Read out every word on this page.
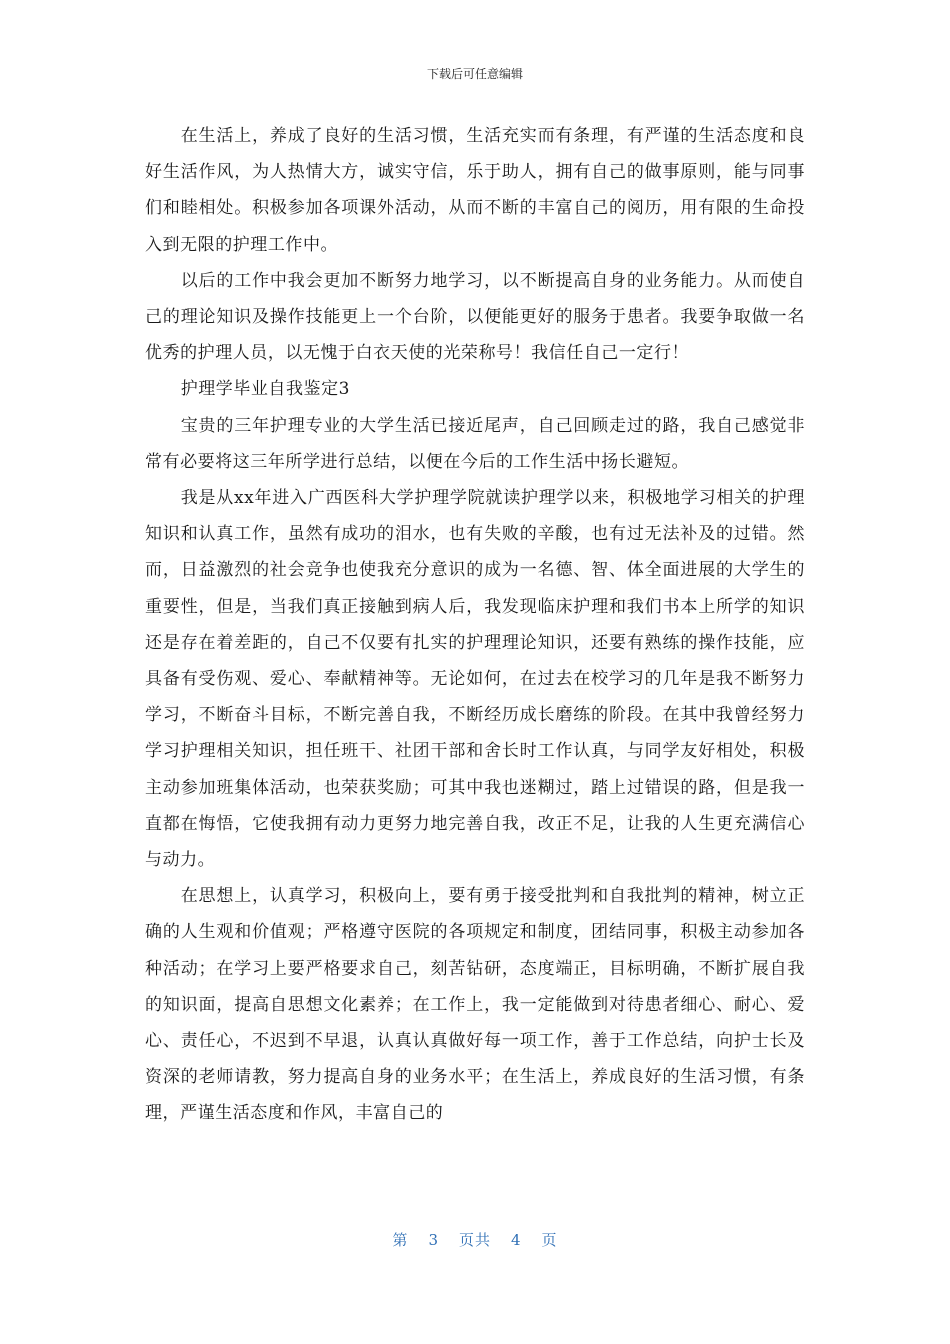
下载后可任意编辑

在生活上，养成了良好的生活习惯，生活充实而有条理，有严谨的生活态度和良好生活作风，为人热情大方，诚实守信，乐于助人，拥有自己的做事原则，能与同事们和睦相处。积极参加各项课外活动，从而不断的丰富自己的阅历，用有限的生命投入到无限的护理工作中。

以后的工作中我会更加不断努力地学习，以不断提高自身的业务能力。从而使自己的理论知识及操作技能更上一个台阶，以便能更好的服务于患者。我要争取做一名优秀的护理人员，以无愧于白衣天使的光荣称号！我信任自己一定行！

护理学毕业自我鉴定3

宝贵的三年护理专业的大学生活已接近尾声，自己回顾走过的路，我自己感觉非常有必要将这三年所学进行总结，以便在今后的工作生活中扬长避短。

我是从xx年进入广西医科大学护理学院就读护理学以来，积极地学习相关的护理知识和认真工作，虽然有成功的泪水，也有失败的辛酸，也有过无法补及的过错。然而，日益激烈的社会竞争也使我充分意识的成为一名德、智、体全面进展的大学生的重要性，但是，当我们真正接触到病人后，我发现临床护理和我们书本上所学的知识还是存在着差距的，自己不仅要有扎实的护理理论知识，还要有熟练的操作技能，应具备有受伤观、爱心、奉献精神等。无论如何，在过去在校学习的几年是我不断努力学习，不断奋斗目标，不断完善自我，不断经历成长磨练的阶段。在其中我曾经努力学习护理相关知识，担任班干、社团干部和舍长时工作认真，与同学友好相处，积极主动参加班集体活动，也荣获奖励；可其中我也迷糊过，踏上过错误的路，但是我一直都在悔悟，它使我拥有动力更努力地完善自我，改正不足，让我的人生更充满信心与动力。

在思想上，认真学习，积极向上，要有勇于接受批判和自我批判的精神，树立正确的人生观和价值观；严格遵守医院的各项规定和制度，团结同事，积极主动参加各种活动；在学习上要严格要求自己，刻苦钻研，态度端正，目标明确，不断扩展自我的知识面，提高自思想文化素养；在工作上，我一定能做到对待患者细心、耐心、爱心、责任心，不迟到不早退，认真认真做好每一项工作，善于工作总结，向护士长及资深的老师请教，努力提高自身的业务水平；在生活上，养成良好的生活习惯，有条理，严谨生活态度和作风，丰富自己的

第 3 页共 4 页
